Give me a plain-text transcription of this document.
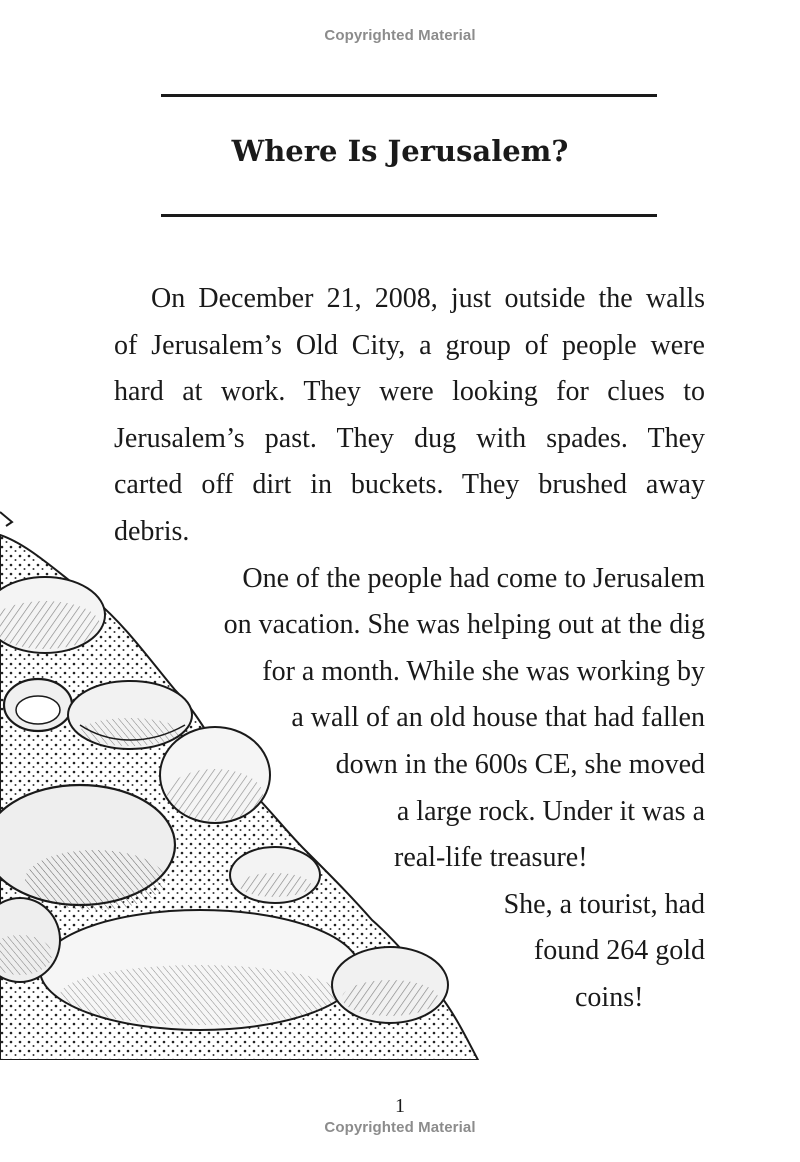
Copyrighted Material
Where Is Jerusalem?
On December 21, 2008, just outside the walls
of Jerusalem’s Old City, a group of people were
hard at work. They were looking for clues to
Jerusalem’s past. They dug with spades. They
carted off dirt in buckets. They brushed away
debris.
One of the people had come to Jerusalem
on vacation. She was helping out at the dig
for a month. While she was working by
a wall of an old house that had fallen
down in the 600s CE, she moved
a large rock. Under it was a
real-life treasure!
She, a tourist, had
found 264 gold
coins!
1
Copyrighted Material
